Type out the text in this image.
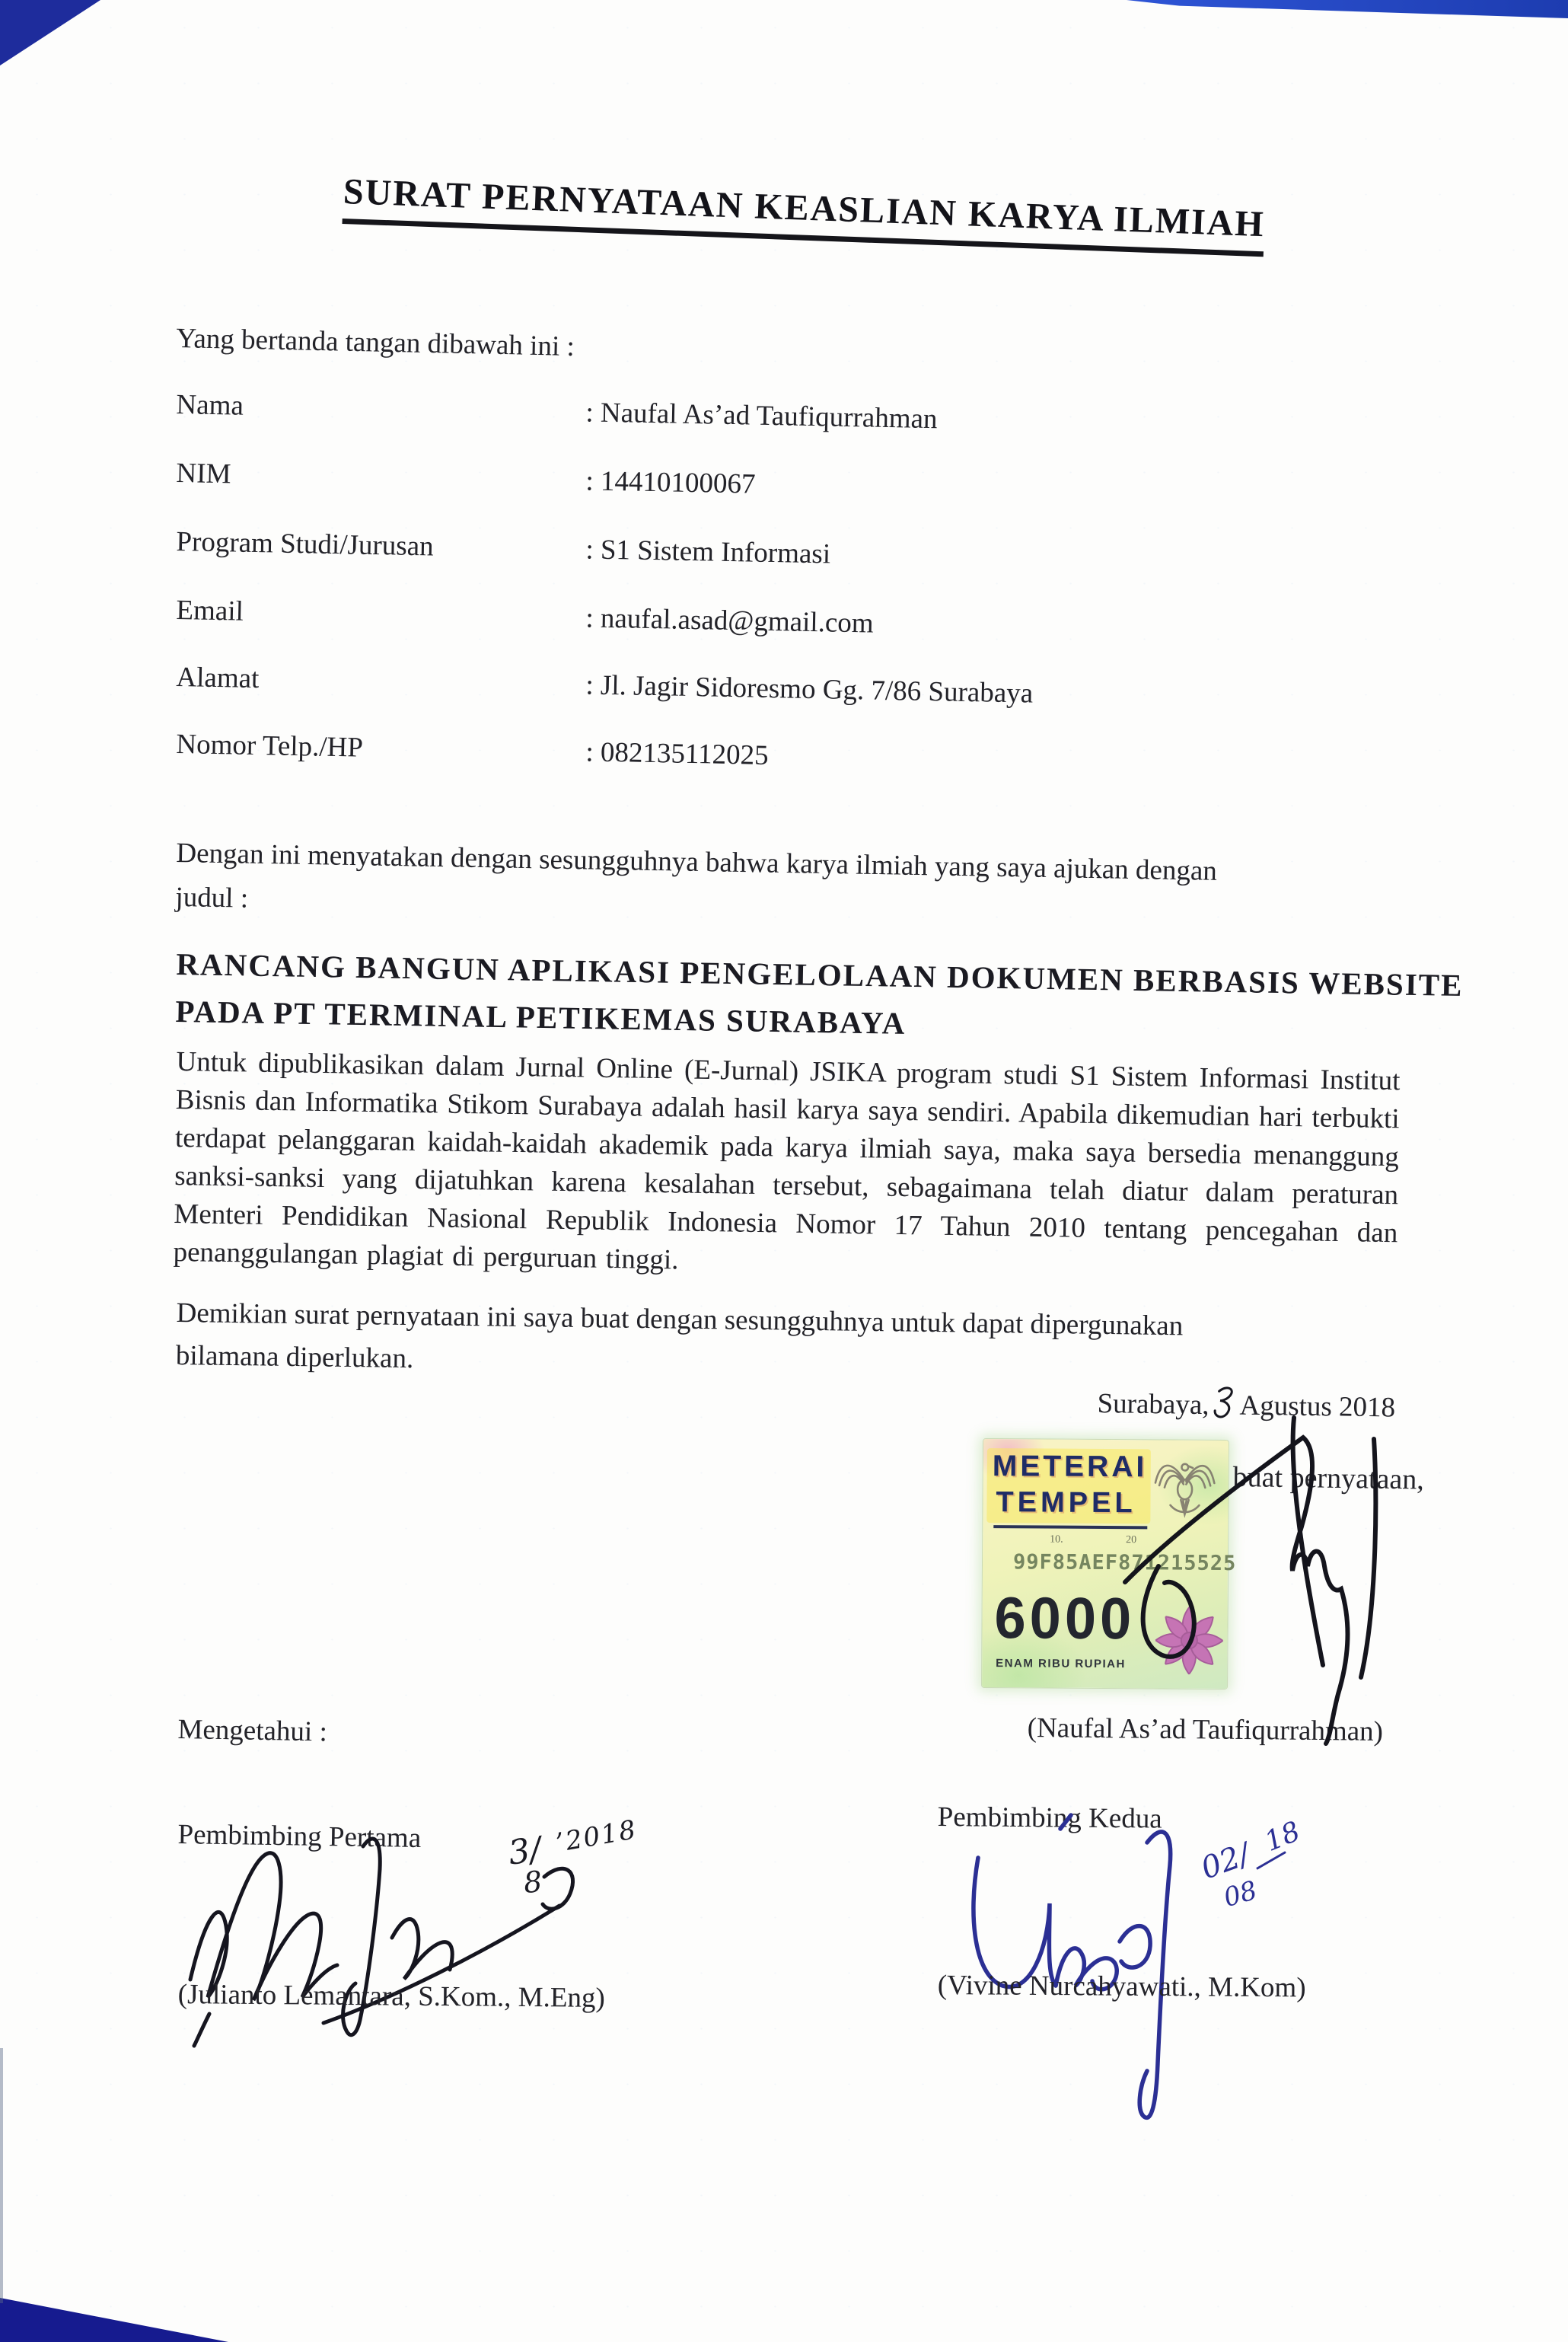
SURAT PERNYATAAN KEASLIAN KARYA ILMIAH
Yang bertanda tangan dibawah ini :
Nama	: Naufal As’ad Taufiqurrahman
NIM	: 14410100067
Program Studi/Jurusan	: S1 Sistem Informasi
Email	: naufal.asad@gmail.com
Alamat	: Jl. Jagir Sidoresmo Gg. 7/86 Surabaya
Nomor Telp./HP	: 082135112025
Dengan ini menyatakan dengan sesungguhnya bahwa karya ilmiah yang saya ajukan dengan
judul :
RANCANG BANGUN APLIKASI PENGELOLAAN DOKUMEN BERBASIS WEBSITE
PADA PT TERMINAL PETIKEMAS SURABAYA
Untuk dipublikasikan dalam Jurnal Online (E-Jurnal) JSIKA program studi S1 Sistem Informasi Institut Bisnis dan Informatika Stikom Surabaya adalah hasil karya saya sendiri. Apabila dikemudian hari terbukti terdapat pelanggaran kaidah-kaidah akademik pada karya ilmiah saya, maka saya bersedia menanggung sanksi-sanksi yang dijatuhkan karena kesalahan tersebut, sebagaimana telah diatur dalam peraturan Menteri Pendidikan Nasional Republik Indonesia Nomor 17 Tahun 2010 tentang pencegahan dan penanggulangan plagiat di perguruan tinggi.
Demikian surat pernyataan ini saya buat dengan sesungguhnya untuk dapat dipergunakan
bilamana diperlukan.
Surabaya, Agustus 2018
METERAI
TEMPEL
10.	20
99F85AEF871215525
6000
ENAM RIBU RUPIAH
buat pernyataan,
(Naufal As’ad Taufiqurrahman)
Mengetahui :
Pembimbing Pertama
Pembimbing Kedua
3/
8
’2018
02/
08
18
(Julianto Lemantara, S.Kom., M.Eng)	(Vivine Nurcahyawati., M.Kom)
